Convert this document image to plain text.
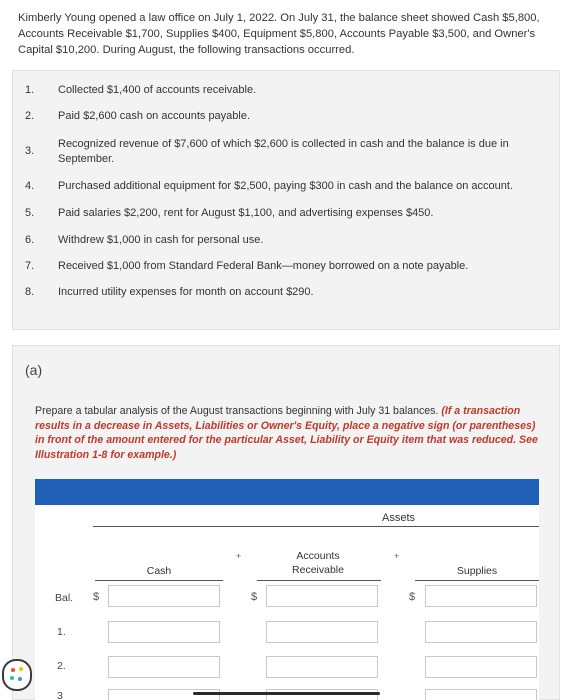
Kimberly Young opened a law office on July 1, 2022. On July 31, the balance sheet showed Cash $5,800, Accounts Receivable $1,700, Supplies $400, Equipment $5,800, Accounts Payable $3,500, and Owner's Capital $10,200. During August, the following transactions occurred.
1.	Collected $1,400 of accounts receivable.
2.	Paid $2,600 cash on accounts payable.
3.
Recognized revenue of $7,600 of which $2,600 is collected in cash and the balance is due in September.
4.	Purchased additional equipment for $2,500, paying $300 in cash and the balance on account.
5.	Paid salaries $2,200, rent for August $1,100, and advertising expenses $450.
6.	Withdrew $1,000 in cash for personal use.
7.	Received $1,000 from Standard Federal Bank—money borrowed on a note payable.
8.	Incurred utility expenses for month on account $290.
(a)
Prepare a tabular analysis of the August transactions beginning with July 31 balances. (If a transaction results in a decrease in Assets, Liabilities or Owner's Equity, place a negative sign (or parentheses) in front of the amount entered for the particular Asset, Liability or Equity item that was reduced. See Illustration 1-8 for example.)
Assets
Cash
+	Accounts Receivable
+
Supplies
Bal. $	$	$
1.
2.
3
